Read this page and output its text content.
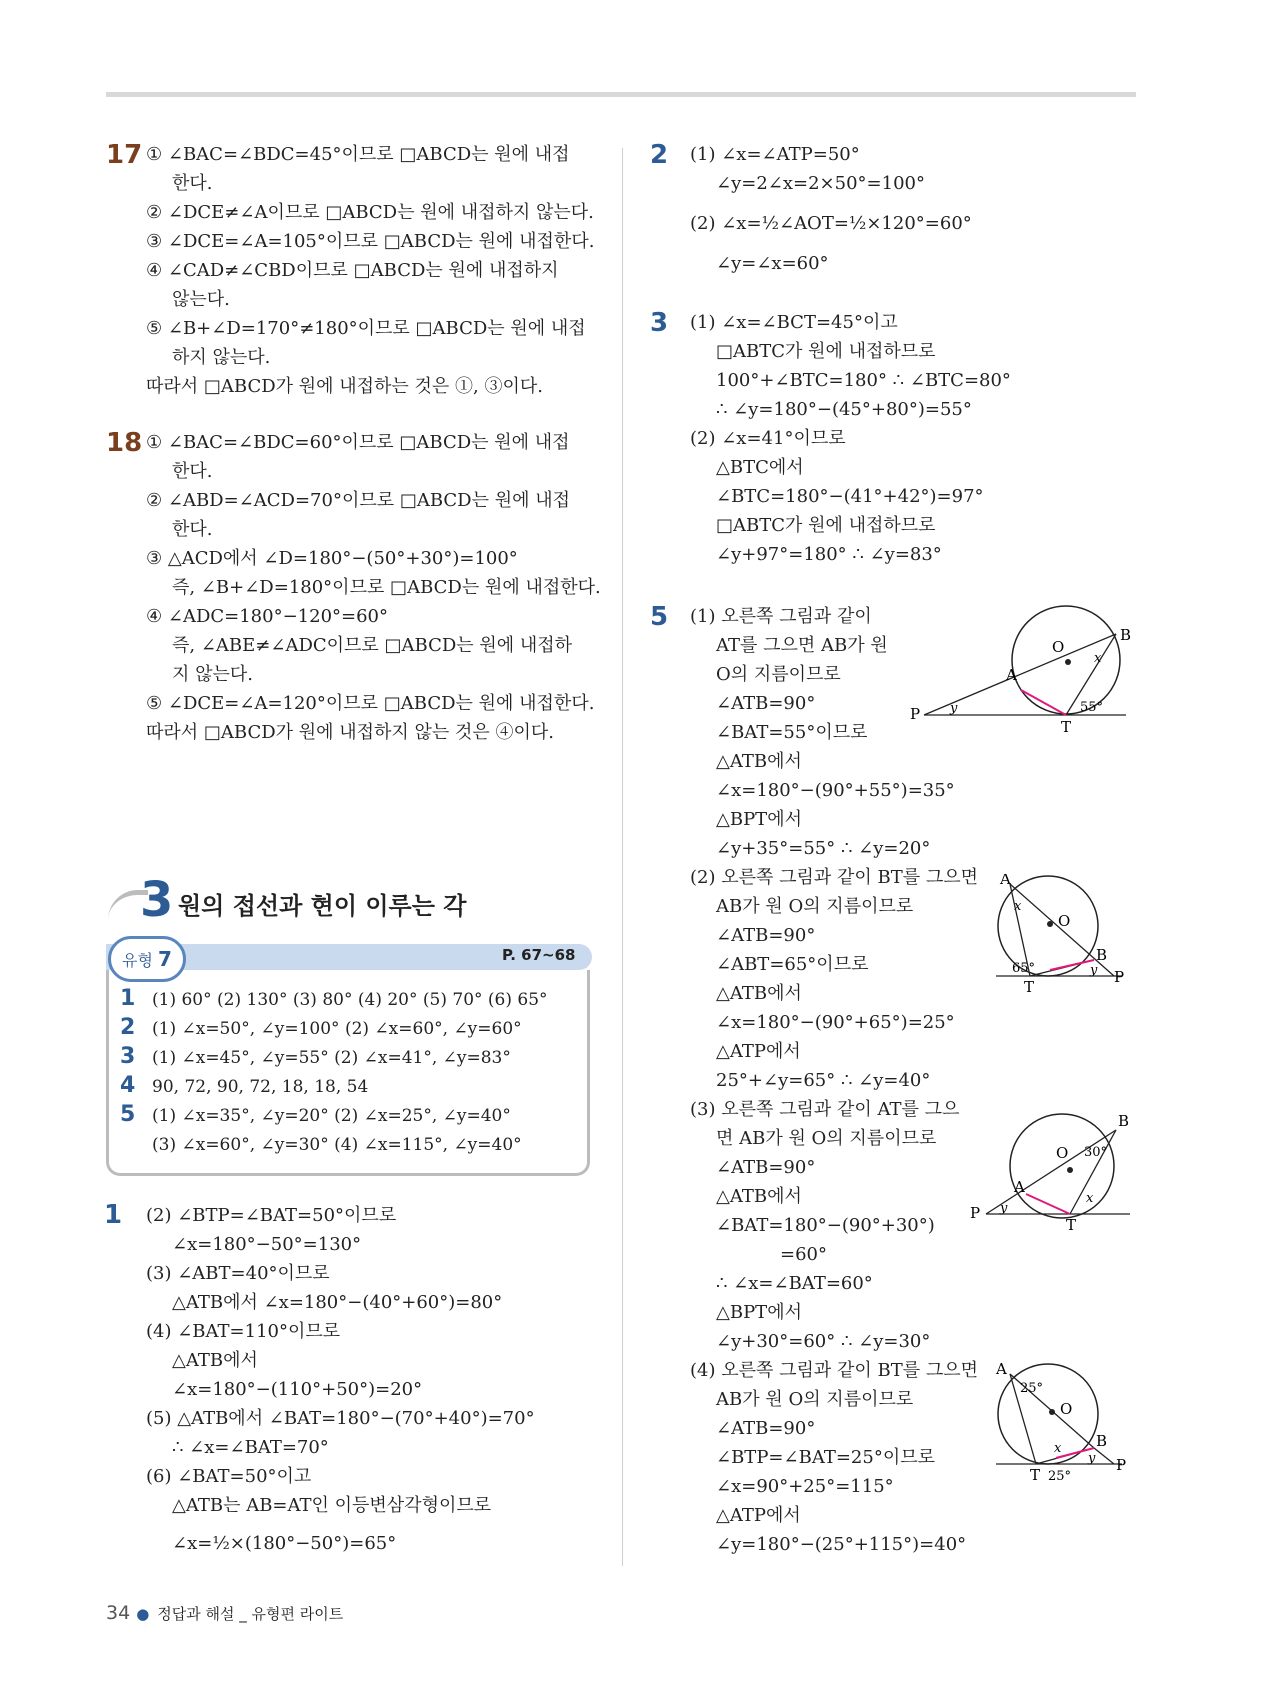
17 ① ∠BAC=∠BDC=45°이므로 □ABCD는 원에 내접
한다.
② ∠DCE≠∠A이므로 □ABCD는 원에 내접하지 않는다.
③ ∠DCE=∠A=105°이므로 □ABCD는 원에 내접한다.
④ ∠CAD≠∠CBD이므로 □ABCD는 원에 내접하지
않는다.
⑤ ∠B+∠D=170°≠180°이므로 □ABCD는 원에 내접
하지 않는다.
따라서 □ABCD가 원에 내접하는 것은 ①, ③이다.
18 ① ∠BAC=∠BDC=60°이므로 □ABCD는 원에 내접
한다.
② ∠ABD=∠ACD=70°이므로 □ABCD는 원에 내접
한다.
③ △ACD에서 ∠D=180°−(50°+30°)=100°
즉, ∠B+∠D=180°이므로 □ABCD는 원에 내접한다.
④ ∠ADC=180°−120°=60°
즉, ∠ABE≠∠ADC이므로 □ABCD는 원에 내접하
지 않는다.
⑤ ∠DCE=∠A=120°이므로 □ABCD는 원에 내접한다.
따라서 □ABCD가 원에 내접하지 않는 것은 ④이다.
3 원의 접선과 현이 이루는 각
유형 7	P. 67~68
1 (1) 60° (2) 130° (3) 80° (4) 20° (5) 70° (6) 65°
2 (1) ∠x=50°, ∠y=100° (2) ∠x=60°, ∠y=60°
3 (1) ∠x=45°, ∠y=55° (2) ∠x=41°, ∠y=83°
4 90, 72, 90, 72, 18, 18, 54
5 (1) ∠x=35°, ∠y=20° (2) ∠x=25°, ∠y=40°
(3) ∠x=60°, ∠y=30° (4) ∠x=115°, ∠y=40°
1 (2) ∠BTP=∠BAT=50°이므로
∠x=180°−50°=130°
(3) ∠ABT=40°이므로
△ATB에서 ∠x=180°−(40°+60°)=80°
(4) ∠BAT=110°이므로
△ATB에서
∠x=180°−(110°+50°)=20°
(5) △ATB에서 ∠BAT=180°−(70°+40°)=70°
∴ ∠x=∠BAT=70°
(6) ∠BAT=50°이고
△ATB는 AB=AT인 이등변삼각형이므로
∠x=½×(180°−50°)=65°
2 (1) ∠x=∠ATP=50°
∠y=2∠x=2×50°=100°
(2) ∠x=½∠AOT=½×120°=60°
∠y=∠x=60°
3 (1) ∠x=∠BCT=45°이고
□ABTC가 원에 내접하므로
100°+∠BTC=180° ∴ ∠BTC=80°
∴ ∠y=180°−(45°+80°)=55°
(2) ∠x=41°이므로
△BTC에서
∠BTC=180°−(41°+42°)=97°
□ABTC가 원에 내접하므로
∠y+97°=180° ∴ ∠y=83°
5 (1) 오른쪽 그림과 같이
AT를 그으면 AB가 원
O의 지름이므로
∠ATB=90°
∠BAT=55°이므로
△ATB에서
∠x=180°−(90°+55°)=35°
△BPT에서
∠y+35°=55° ∴ ∠y=20°
(2) 오른쪽 그림과 같이 BT를 그으면
AB가 원 O의 지름이므로
∠ATB=90°
∠ABT=65°이므로
△ATB에서
∠x=180°−(90°+65°)=25°
△ATP에서
25°+∠y=65° ∴ ∠y=40°
(3) 오른쪽 그림과 같이 AT를 그으
면 AB가 원 O의 지름이므로
∠ATB=90°
△ATB에서
∠BAT=180°−(90°+30°)
=60°
∴ ∠x=∠BAT=60°
△BPT에서
∠y+30°=60° ∴ ∠y=30°
(4) 오른쪽 그림과 같이 BT를 그으면
AB가 원 O의 지름이므로
∠ATB=90°
∠BTP=∠BAT=25°이므로
∠x=90°+25°=115°
△ATP에서
∠y=180°−(25°+115°)=40°
O
B
A
P
T
x
y	55°
A
O
B
P
T
x
y
65°
O
B
A
P
T
x
y
30°
A
O
B
P
T
x
y
25°
25°
34 ● 정답과 해설 _ 유형편 라이트
